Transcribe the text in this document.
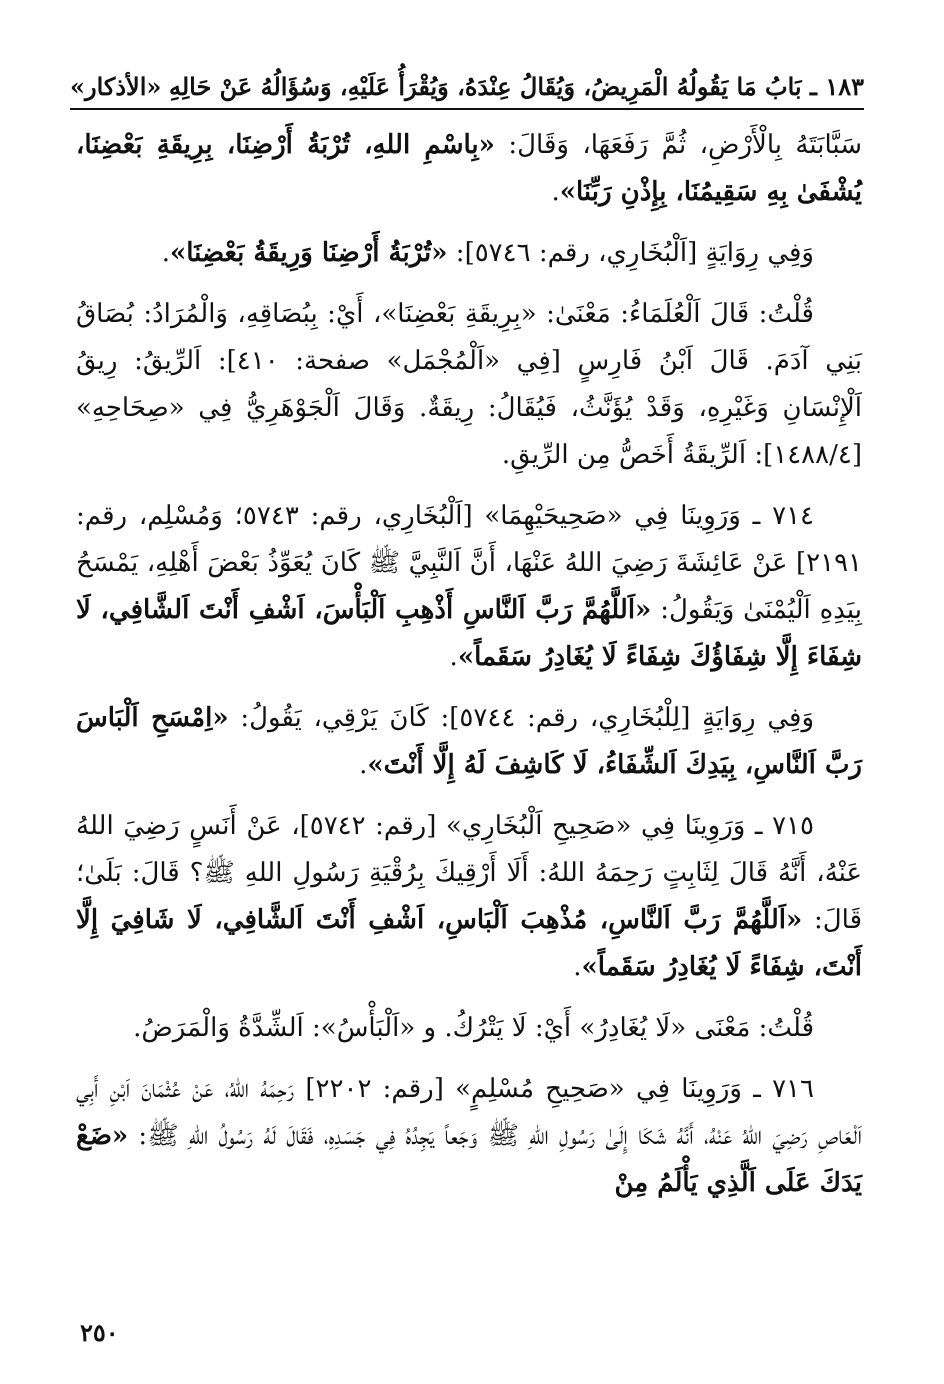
١٨٣ ـ بَابُ مَا يَقُولُهُ الْمَرِيضُ، وَيُقَالُ عِنْدَهُ، وَيُقْرَأُ عَلَيْهِ، وَسُؤَالُهُ عَنْ حَالِهِ
«الأذكار»

سَبَّابَتَهُ بِالْأَرْضِ، ثُمَّ رَفَعَهَا، وَقَالَ: «بِاسْمِ اللهِ، تُرْبَةُ أَرْضِنَا، بِرِيقَةِ بَعْضِنَا، يُشْفَىٰ بِهِ سَقِيمُنَا، بِإِذْنِ رَبِّنَا».

وَفِي رِوَايَةٍ [اَلْبُخَارِي، رقم: ٥٧٤٦]: «تُرْبَةُ أَرْضِنَا وَرِيقَةُ بَعْضِنَا».

قُلْتُ: قَالَ اَلْعُلَمَاءُ: مَعْنَىٰ: «بِرِيقَةِ بَعْضِنَا»، أَيْ: بِبُصَاقِهِ، وَالْمُرَادُ: بُصَاقُ بَنِي آدَمَ. قَالَ اَبْنُ فَارِسٍ [فِي «اَلْمُجْمَل» صفحة: ٤١٠]: اَلرِّيقُ: رِيقُ اَلْإِنْسَانِ وَغَيْرِهِ، وَقَدْ يُؤَنَّثُ، فَيُقَالُ: رِيقَةٌ. وَقَالَ اَلْجَوْهَرِيُّ فِي «صِحَاحِهِ» [١٤٨٨/٤]: اَلرِّيقَةُ أَخَصُّ مِن الرِّيقِ.

٧١٤ ـ وَرَوِينَا فِي «صَحِيحَيْهِمَا» [اَلْبُخَارِي، رقم: ٥٧٤٣؛ وَمُسْلِم، رقم: ٢١٩١] عَنْ عَائِشَةَ رَضِيَ اللهُ عَنْهَا، أَنَّ اَلنَّبِيَّ ﷺ كَانَ يُعَوِّذُ بَعْضَ أَهْلِهِ، يَمْسَحُ بِيَدِهِ اَلْيُمْنَىٰ وَيَقُولُ: «اَللَّهُمَّ رَبَّ اَلنَّاسِ أَذْهِبِ اَلْبَأْسَ، اَشْفِ أَنْتَ اَلشَّافِي، لَا شِفَاءَ إِلَّا شِفَاؤُكَ شِفَاءً لَا يُغَادِرُ سَقَماً».

وَفِي رِوَايَةٍ [لِلْبُخَارِي، رقم: ٥٧٤٤]: كَانَ يَرْقِي، يَقُولُ: «اِمْسَحِ اَلْبَاسَ رَبَّ اَلنَّاسِ، بِيَدِكَ اَلشِّفَاءُ، لَا كَاشِفَ لَهُ إِلَّا أَنْتَ».

٧١٥ ـ وَرَوِينَا فِي «صَحِيحِ اَلْبُخَارِي» [رقم: ٥٧٤٢]، عَنْ أَنَسٍ رَضِيَ اللهُ عَنْهُ، أَنَّهُ قَالَ لِثَابِتٍ رَحِمَهُ اللهُ: أَلَا أَرْقِيكَ بِرُقْيَةِ رَسُولِ اللهِ ﷺ؟ قَالَ: بَلَىٰ؛ قَالَ: «اَللَّهُمَّ رَبَّ اَلنَّاسِ، مُذْهِبَ اَلْبَاسِ، اَشْفِ أَنْتَ اَلشَّافِي، لَا شَافِيَ إِلَّا أَنْتَ، شِفَاءً لَا يُغَادِرُ سَقَماً».

قُلْتُ: مَعْنَى «لَا يُغَادِرُ» أَيْ: لَا يَتْرُكُ. و «اَلْبَأْسُ»: اَلشِّدَّةُ وَالْمَرَضُ.

٧١٦ ـ وَرَوِينَا فِي «صَحِيحِ مُسْلِمٍ» [رقم: ٢٢٠٢] رَحِمَهُ اللهُ، عَنْ عُثْمَانَ اَبْنِ أَبِي اَلْعَاصِ رَضِيَ اللهُ عَنْهُ، أَنَّهُ شَكَا إِلَىٰ رَسُولِ اللهِ ﷺ وَجَعاً يَجِدُهُ فِي جَسَدِهِ، فَقَالَ لَهُ رَسُولُ اللهِ ﷺ: «ضَعْ يَدَكَ عَلَى اَلَّذِي يَأْلَمُ مِنْ

٢٥٠
